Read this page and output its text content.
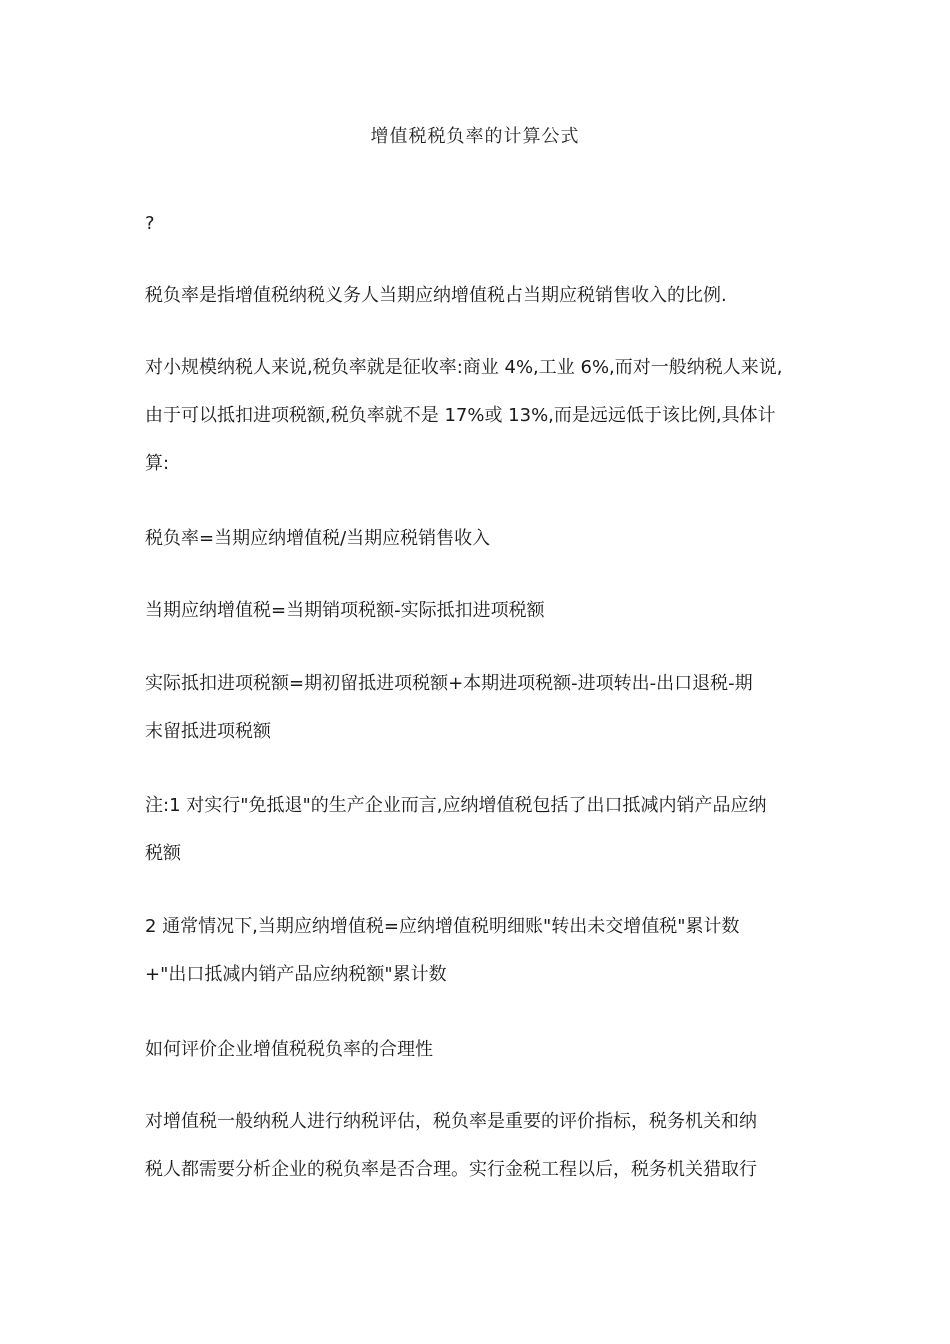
增值税税负率的计算公式
?
税负率是指增值税纳税义务人当期应纳增值税占当期应税销售收入的比例.
对小规模纳税人来说,税负率就是征收率:商业 4%,工业 6%,而对一般纳税人来说,
由于可以抵扣进项税额,税负率就不是 17%或 13%,而是远远低于该比例,具体计
算:
税负率=当期应纳增值税/当期应税销售收入
当期应纳增值税=当期销项税额-实际抵扣进项税额
实际抵扣进项税额=期初留抵进项税额+本期进项税额-进项转出-出口退税-期
末留抵进项税额
注:1 对实行"免抵退"的生产企业而言,应纳增值税包括了出口抵减内销产品应纳
税额
2 通常情况下,当期应纳增值税=应纳增值税明细账"转出未交增值税"累计数
+"出口抵减内销产品应纳税额"累计数
如何评价企业增值税税负率的合理性
对增值税一般纳税人进行纳税评估，税负率是重要的评价指标，税务机关和纳
税人都需要分析企业的税负率是否合理。实行金税工程以后，税务机关猎取行
